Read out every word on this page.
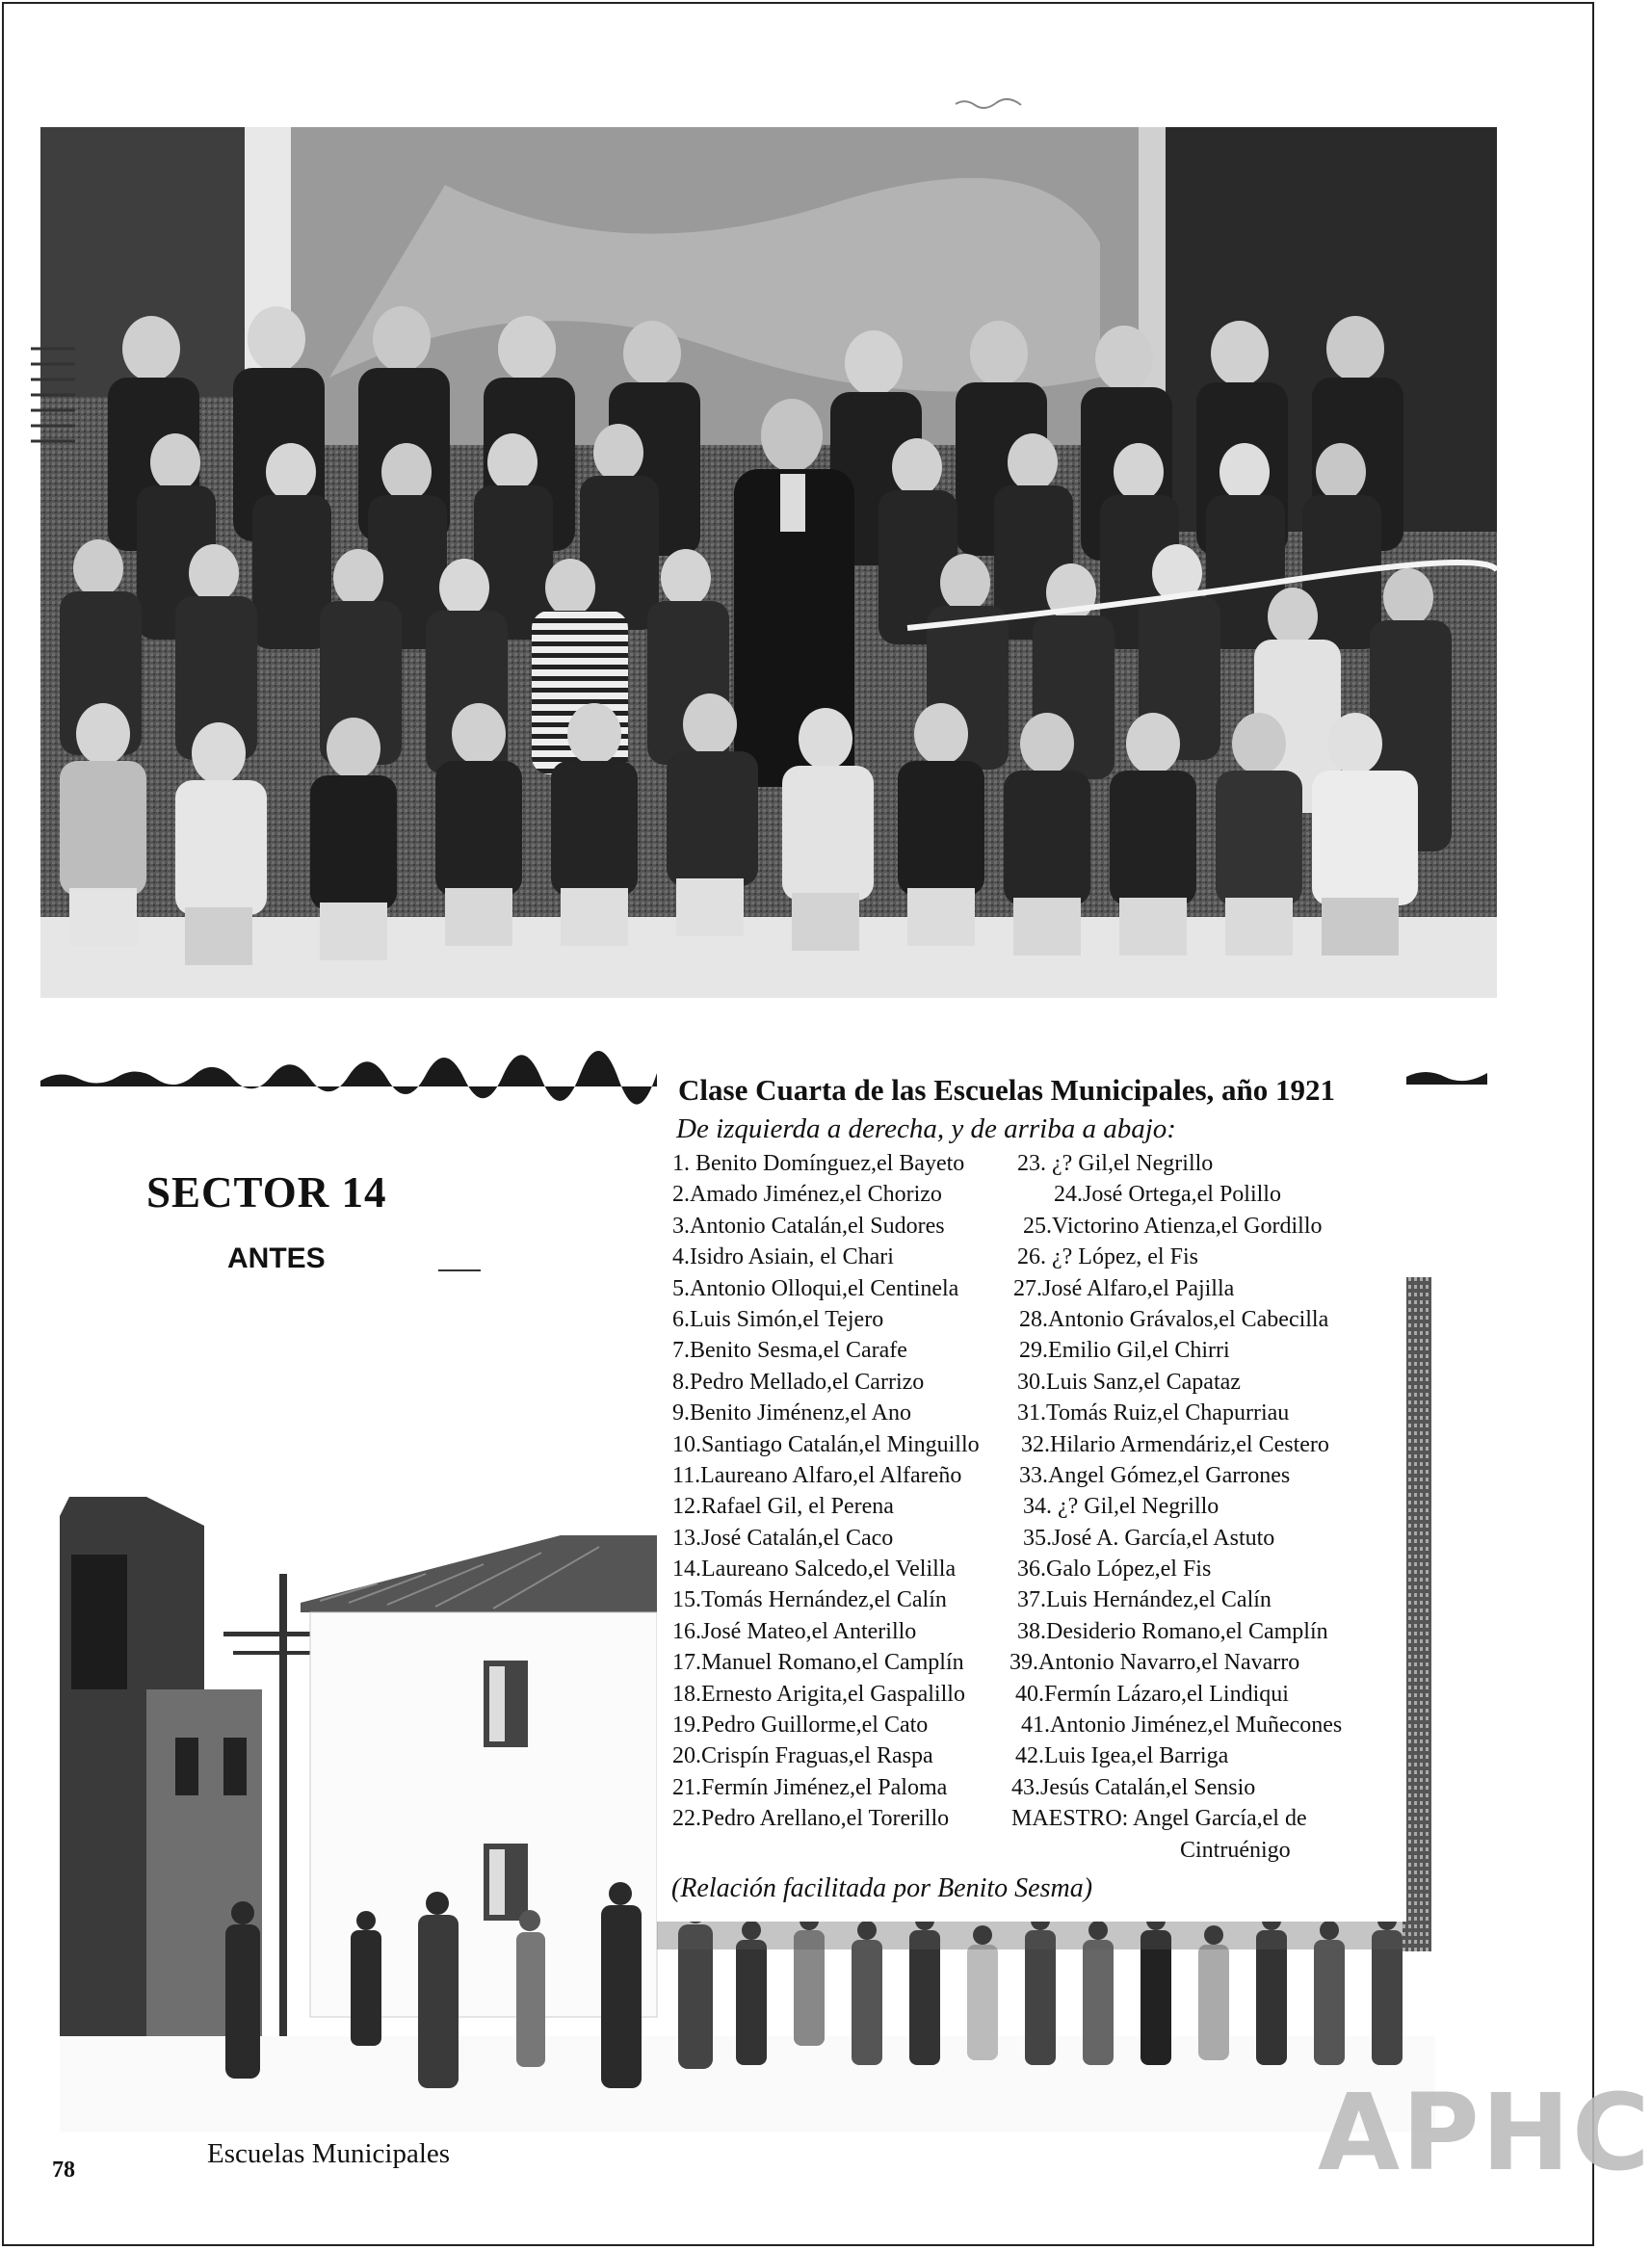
SECTOR 14
ANTES
Clase Cuarta de las Escuelas Municipales, año 1921
De izquierda a derecha, y de arriba a abajo:
1. Benito Domínguez,el Bayeto 23. ¿? Gil,el Negrillo
2.Amado Jiménez,el Chorizo	24.José Ortega,el Polillo
3.Antonio Catalán,el Sudores	25.Victorino Atienza,el Gordillo
4.Isidro Asiain, el Chari	26. ¿? López, el Fis
5.Antonio Olloqui,el Centinela 27.José Alfaro,el Pajilla
6.Luis Simón,el Tejero	28.Antonio Grávalos,el Cabecilla
7.Benito Sesma,el Carafe	29.Emilio Gil,el Chirri
8.Pedro Mellado,el Carrizo	30.Luis Sanz,el Capataz
9.Benito Jiménenz,el Ano	31.Tomás Ruiz,el Chapurriau
10.Santiago Catalán,el Minguillo 32.Hilario Armendáriz,el Cestero
11.Laureano Alfaro,el Alfareño 33.Angel Gómez,el Garrones
12.Rafael Gil, el Perena	34. ¿? Gil,el Negrillo
13.José Catalán,el Caco	35.José A. García,el Astuto
14.Laureano Salcedo,el Velilla	36.Galo López,el Fis
15.Tomás Hernández,el Calín	37.Luis Hernández,el Calín
16.José Mateo,el Anterillo	38.Desiderio Romano,el Camplín
17.Manuel Romano,el Camplín 39.Antonio Navarro,el Navarro
18.Ernesto Arigita,el Gaspalillo 40.Fermín Lázaro,el Lindiqui
19.Pedro Guillorme,el Cato	41.Antonio Jiménez,el Muñecones
20.Crispín Fraguas,el Raspa	42.Luis Igea,el Barriga
21.Fermín Jiménez,el Paloma	43.Jesús Catalán,el Sensio
22.Pedro Arellano,el Torerillo	MAESTRO: Angel García,el de
Cintruénigo
(Relación facilitada por Benito Sesma)
Escuelas Municipales
78	APHC
